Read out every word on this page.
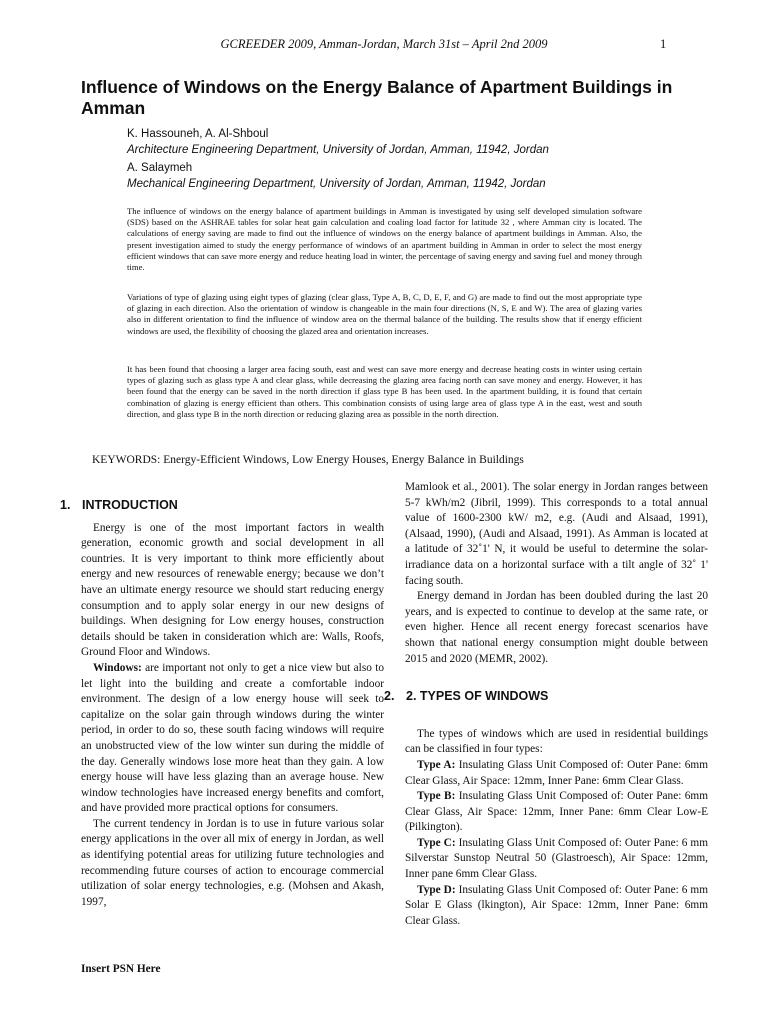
GCREEDER 2009, Amman-Jordan, March 31st – April 2nd 2009	1
Influence of Windows on the Energy Balance of Apartment Buildings in Amman
K. Hassouneh, A. Al-Shboul
Architecture Engineering Department, University of Jordan, Amman, 11942, Jordan
A. Salaymeh
Mechanical Engineering Department, University of Jordan, Amman, 11942, Jordan

The influence of windows on the energy balance of apartment buildings in Amman is investigated by using self developed simulation software (SDS) based on the ASHRAE tables for solar heat gain calculation and coaling load factor for latitude 32 , where Amman city is located. The calculations of energy saving are made to find out the influence of windows on the energy balance of apartment buildings in Amman. Also, the present investigation aimed to study the energy performance of windows of an apartment building in Amman in order to select the most energy efficient windows that can save more energy and reduce heating load in winter, the percentage of saving energy and saving fuel and money through time.

Variations of type of glazing using eight types of glazing (clear glass, Type A, B, C, D, E, F, and G) are made to find out the most appropriate type of glazing in each direction. Also the orientation of window is changeable in the main four directions (N, S, E and W). The area of glazing varies also in different orientation to find the influence of window area on the thermal balance of the building. The results show that if energy efficient windows are used, the flexibility of choosing the glazed area and orientation increases.

It has been found that choosing a larger area facing south, east and west can save more energy and decrease heating costs in winter using certain types of glazing such as glass type A and clear glass, while decreasing the glazing area facing north can save money and energy. However, it has been found that the energy can be saved in the north direction if glass type B has been used. In the apartment building, it is found that certain combination of glazing is energy efficient than others. This combination consists of using large area of glass type A in the east, west and south direction, and glass type B in the north direction or reducing glazing area as possible in the north direction.

KEYWORDS: Energy-Efficient Windows, Low Energy Houses, Energy Balance in Buildings
1. INTRODUCTION

Energy is one of the most important factors in wealth generation, economic growth and social development in all countries. It is very important to think more efficiently about energy and new resources of renewable energy; because we don’t have an ultimate energy resource we should start reducing energy consumption and to apply solar energy in our new designs of buildings. When designing for Low energy houses, construction details should be taken in consideration which are: Walls, Roofs, Ground Floor and Windows.

Windows: are important not only to get a nice view but also to let light into the building and create a comfortable indoor environment. The design of a low energy house will seek to capitalize on the solar gain through windows during the winter period, in order to do so, these south facing windows will require an unobstructed view of the low winter sun during the middle of the day. Generally windows lose more heat than they gain. A low energy house will have less glazing than an average house. New window technologies have increased energy benefits and comfort, and have provided more practical options for consumers.

The current tendency in Jordan is to use in future various solar energy applications in the over all mix of energy in Jordan, as well as identifying potential areas for utilizing future technologies and recommending future courses of action to encourage commercial utilization of solar energy technologies, e.g. (Mohsen and Akash, 1997,

Mamlook et al., 2001). The solar energy in Jordan ranges between 5-7 kWh/m2 (Jibril, 1999). This corresponds to a total annual value of 1600-2300 kW/ m2, e.g. (Audi and Alsaad, 1991), (Alsaad, 1990), (Audi and Alsaad, 1991). As Amman is located at a latitude of 32˚1' N, it would be useful to determine the solar-irradiance data on a horizontal surface with a tilt angle of 32˚ 1' facing south.

Energy demand in Jordan has been doubled during the last 20 years, and is expected to continue to develop at the same rate, or even higher. Hence all recent energy forecast scenarios have shown that national energy consumption might double between 2015 and 2020 (MEMR, 2002).

2. 2. TYPES OF WINDOWS

The types of windows which are used in residential buildings can be classified in four types:

Type A: Insulating Glass Unit Composed of: Outer Pane: 6mm Clear Glass, Air Space: 12mm, Inner Pane: 6mm Clear Glass.

Type B: Insulating Glass Unit Composed of: Outer Pane: 6mm Clear Glass, Air Space: 12mm, Inner Pane: 6mm Clear Low-E (Pilkington).

Type C: Insulating Glass Unit Composed of: Outer Pane: 6 mm Silverstar Sunstop Neutral 50 (Glastroesch), Air Space: 12mm, Inner pane 6mm Clear Glass.

Type D: Insulating Glass Unit Composed of: Outer Pane: 6 mm Solar E Glass (lkington), Air Space: 12mm, Inner Pane: 6mm Clear Glass.

Insert PSN Here
